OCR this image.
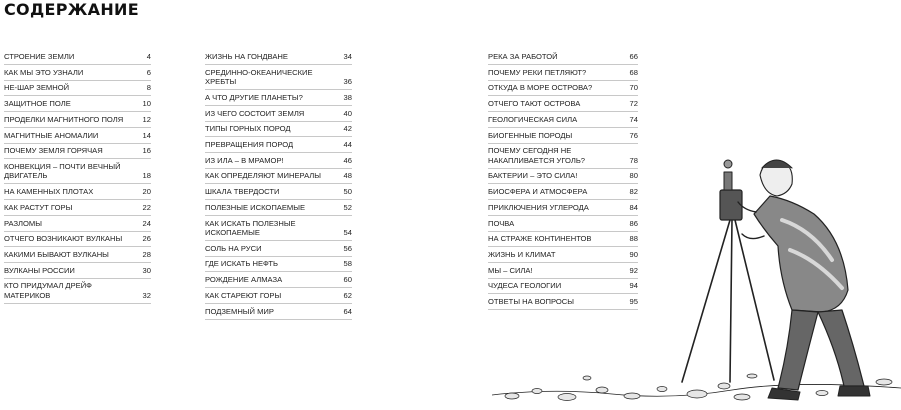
СОДЕРЖАНИЕ
СТРОЕНИЕ ЗЕМЛИ	4
КАК МЫ ЭТО УЗНАЛИ	6
НЕ-ШАР ЗЕМНОЙ	8
ЗАЩИТНОЕ ПОЛЕ	10
ПРОДЕЛКИ МАГНИТНОГО ПОЛЯ	12
МАГНИТНЫЕ АНОМАЛИИ	14
ПОЧЕМУ ЗЕМЛЯ ГОРЯЧАЯ	16
КОНВЕКЦИЯ – ПОЧТИ ВЕЧНЫЙ ДВИГАТЕЛЬ	18
НА КАМЕННЫХ ПЛОТАХ	20
КАК РАСТУТ ГОРЫ	22
РАЗЛОМЫ	24
ОТЧЕГО ВОЗНИКАЮТ ВУЛКАНЫ	26
КАКИМИ БЫВАЮТ ВУЛКАНЫ	28
ВУЛКАНЫ РОССИИ	30
КТО ПРИДУМАЛ ДРЕЙФ МАТЕРИКОВ	32
ЖИЗНЬ НА ГОНДВАНЕ	34
СРЕДИННО-ОКЕАНИЧЕСКИЕ ХРЕБТЫ	36
А ЧТО ДРУГИЕ ПЛАНЕТЫ?	38
ИЗ ЧЕГО СОСТОИТ ЗЕМЛЯ	40
ТИПЫ ГОРНЫХ ПОРОД	42
ПРЕВРАЩЕНИЯ ПОРОД	44
ИЗ ИЛА – В МРАМОР!	46
КАК ОПРЕДЕЛЯЮТ МИНЕРАЛЫ	48
ШКАЛА ТВЕРДОСТИ	50
ПОЛЕЗНЫЕ ИСКОПАЕМЫЕ	52
КАК ИСКАТЬ ПОЛЕЗНЫЕ ИСКОПАЕМЫЕ	54
СОЛЬ НА РУСИ	56
ГДЕ ИСКАТЬ НЕФТЬ	58
РОЖДЕНИЕ АЛМАЗА	60
КАК СТАРЕЮТ ГОРЫ	62
ПОДЗЕМНЫЙ МИР	64
РЕКА ЗА РАБОТОЙ	66
ПОЧЕМУ РЕКИ ПЕТЛЯЮТ?	68
ОТКУДА В МОРЕ ОСТРОВА?	70
ОТЧЕГО ТАЮТ ОСТРОВА	72
ГЕОЛОГИЧЕСКАЯ СИЛА	74
БИОГЕННЫЕ ПОРОДЫ	76
ПОЧЕМУ СЕГОДНЯ НЕ НАКАПЛИВАЕТСЯ УГОЛЬ?	78
БАКТЕРИИ – ЭТО СИЛА!	80
БИОСФЕРА И АТМОСФЕРА	82
ПРИКЛЮЧЕНИЯ УГЛЕРОДА	84
ПОЧВА	86
НА СТРАЖЕ КОНТИНЕНТОВ	88
ЖИЗНЬ И КЛИМАТ	90
МЫ – СИЛА!	92
ЧУДЕСА ГЕОЛОГИИ	94
ОТВЕТЫ НА ВОПРОСЫ	95
